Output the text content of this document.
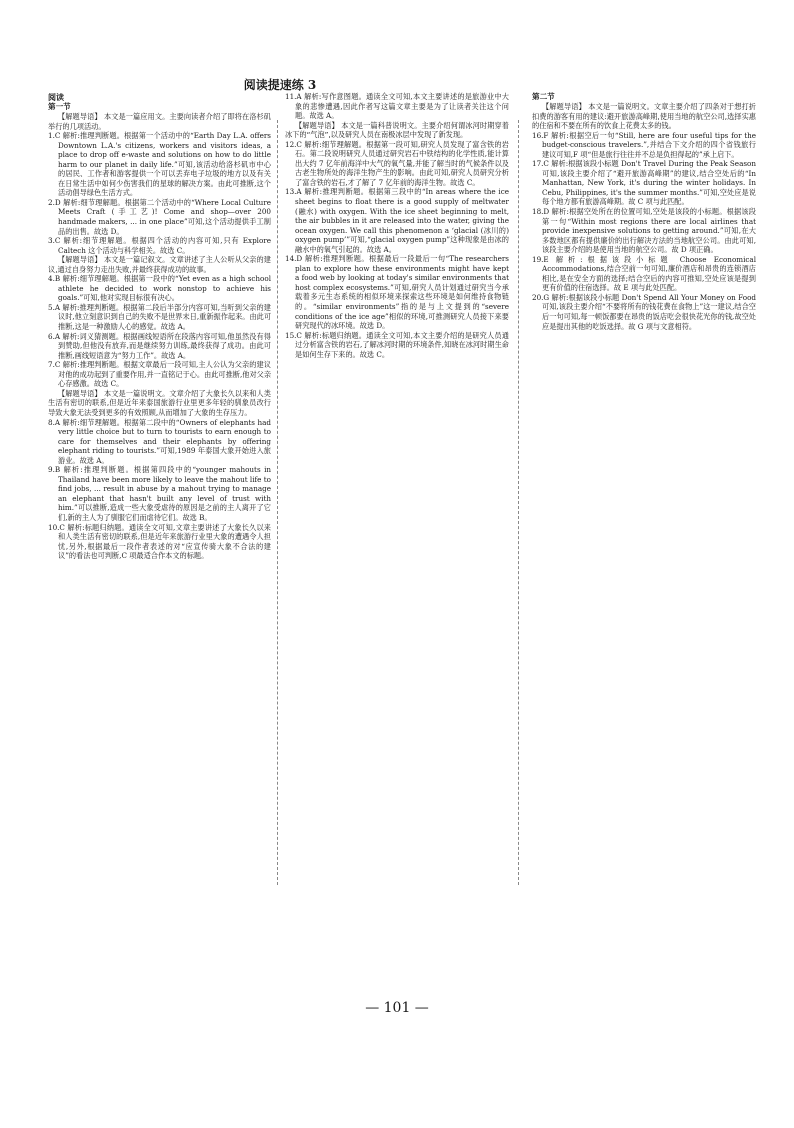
阅读提速练 3
阅读
第一节

【解题导语】 本文是一篇应用文。主要向读者介绍了即将在洛杉矶举行的几项活动。

1.C 解析:推理判断题。根据第一个活动中的“Earth Day L.A. offers Downtown L.A.'s citizens, workers and visitors ideas, a place to drop off e-waste and solutions on how to do little harm to our planet in daily life.”可知,该活动给洛杉矶市中心的居民、工作者和游客提供一个可以丢弃电子垃圾的地方以及有关在日常生活中如何少伤害我们的星球的解决方案。由此可推断,这个活动倡导绿色生活方式。

2.D 解析:细节理解题。根据第二个活动中的“Where Local Culture Meets Craft (手工艺)! Come and shop—over 200 handmade makers, ... in one place”可知,这个活动提供手工制品的出售。故选 D。

3.C 解析:细节理解题。根据四个活动的内容可知,只有 Explore Caltech 这个活动与科学相关。故选 C。

【解题导语】 本文是一篇记叙文。文章讲述了主人公听从父亲的建议,通过自身努力走出失败,并最终获得成功的故事。

4.B 解析:细节理解题。根据第一段中的“Yet even as a high school athlete he decided to work nonstop to achieve his goals.”可知,他对实现目标很有决心。

5.A 解析:推理判断题。根据第二段后半部分内容可知,当听到父亲的建议时,他立刻意识到自己的失败不是世界末日,重新振作起来。由此可推断,这是一种激励人心的感觉。故选 A。

6.A 解析:词义猜测题。根据画线短语所在段落内容可知,他虽然没有得到赞助,但他没有放弃,而是继续努力训练,最终获得了成功。由此可推断,画线短语意为“努力工作”。故选 A。

7.C 解析:推理判断题。根据文章最后一段可知,主人公认为父亲的建议对他的成功起到了重要作用,并一直铭记于心。由此可推断,他对父亲心存感激。故选 C。

【解题导语】 本文是一篇说明文。文章介绍了大象长久以来和人类生活有密切的联系,但是近年来泰国旅游行业里更多年轻的驯象员改行导致大象无法受到更多的有效照顾,从而增加了大象的生存压力。

8.A 解析:细节理解题。根据第二段中的“Owners of elephants had very little choice but to turn to tourists to earn enough to care for themselves and their elephants by offering elephant riding to tourists.”可知,1989 年泰国大象开始进入旅游业。故选 A。

9.B 解析:推理判断题。根据第四段中的“younger mahouts in Thailand have been more likely to leave the mahout life to find jobs, ... result in abuse by a mahout trying to manage an elephant that hasn't built any level of trust with him.”可以推断,造成一些大象受虐待的原因是之前的主人离开了它们,新的主人为了驯服它们而虐待它们。故选 B。

10.C 解析:标题归纳题。通读全文可知,文章主要讲述了大象长久以来和人类生活有密切的联系,但是近年来旅游行业里大象的遭遇令人担忧,另外,根据最后一段作者表述的对“应宣传骑大象不合法的建议”的看法也可判断,C 项最适合作本文的标题。

11.A 解析:写作意图题。通读全文可知,本文主要讲述的是旅游业中大象的悲惨遭遇,因此作者写这篇文章主要是为了让读者关注这个问题。故选 A。

【解题导语】 本文是一篇科普说明文。主要介绍何谓冰河时期穿着冰下的“气泡”,以及研究人员在南极冰层中发现了新发现。

12.C 解析:细节理解题。根据第一段可知,研究人员发现了富含铁的岩石。第二段说明研究人员通过研究岩石中铁结构的化学性质,能计算出大约 7 亿年前海洋中大气的氧气量,并能了解当时的气候条件以及古老生物所处的海洋生物产生的影响。由此可知,研究人员研究分析了富含铁的岩石,才了解了 7 亿年前的海洋生物。故选 C。

13.A 解析:推理判断题。根据第三段中的“In areas where the ice sheet begins to float there is a good supply of meltwater (融水) with oxygen. With the ice sheet beginning to melt, the air bubbles in it are released into the water, giving the ocean oxygen. We call this phenomenon a ‘glacial (冰川的) oxygen pump’”可知,“glacial oxygen pump”这种现象是由冰的融水中的氧气引起的。故选 A。

14.D 解析:推理判断题。根据最后一段最后一句“The researchers plan to explore how these environments might have kept a food web by looking at today's similar environments that host complex ecosystems.”可知,研究人员计划通过研究当今承载着多元生态系统的相似环境来探索这些环境是如何维持食物链的。“similar environments”指的是与上文提到的“severe conditions of the ice age”相似的环境,可推测研究人员接下来要研究现代的冰环境。故选 D。

15.C 解析:标题归纳题。通读全文可知,本文主要介绍的是研究人员通过分析富含铁的岩石,了解冰河时期的环境条件,知晓在冰河时期生命是如何生存下来的。故选 C。

第二节

【解题导语】 本文是一篇说明文。文章主要介绍了四条对于想打折扣费的游客有用的建议:避开旅游高峰期,使用当地的航空公司,选择实惠的住宿和不要在所有的饮食上花费太多的钱。

16.F 解析:根据空后一句“Still, here are four useful tips for the budget-conscious travelers.”,并结合下文介绍的四个省钱旅行建议可知,F 项“但是旅行往往并不总是负担得起的”承上启下。

17.C 解析:根据该段小标题 Don't Travel During the Peak Season 可知,该段主要介绍了“避开旅游高峰期”的建议,结合空处后的“In Manhattan, New York, it's during the winter holidays. In Cebu, Philippines, it's the summer months.”可知,空处应是说每个地方都有旅游高峰期。故 C 项与此匹配。

18.D 解析:根据空处所在的位置可知,空处是该段的小标题。根据该段第一句“Within most regions there are local airlines that provide inexpensive solutions to getting around.”可知,在大多数地区都有提供廉价的出行解决方法的当地航空公司。由此可知,该段主要介绍的是使用当地的航空公司。故 D 项正确。

19.E 解析:根据该段小标题 Choose Economical Accommodations,结合空前一句可知,廉价酒店和昂贵的连锁酒店相比,是在安全方面的选择;结合空后的内容可推知,空处应该是提到更有价值的住宿选择。故 E 项与此处匹配。

20.G 解析:根据该段小标题 Don't Spend All Your Money on Food 可知,该段主要介绍“不要将所有的钱花费在食物上”这一建议,结合空后一句可知,每一顿饭都要在昂贵的饭店吃会很快花光你的钱,故空处应是提出其他的吃饭选择。故 G 项与文意相符。

— 101 —
